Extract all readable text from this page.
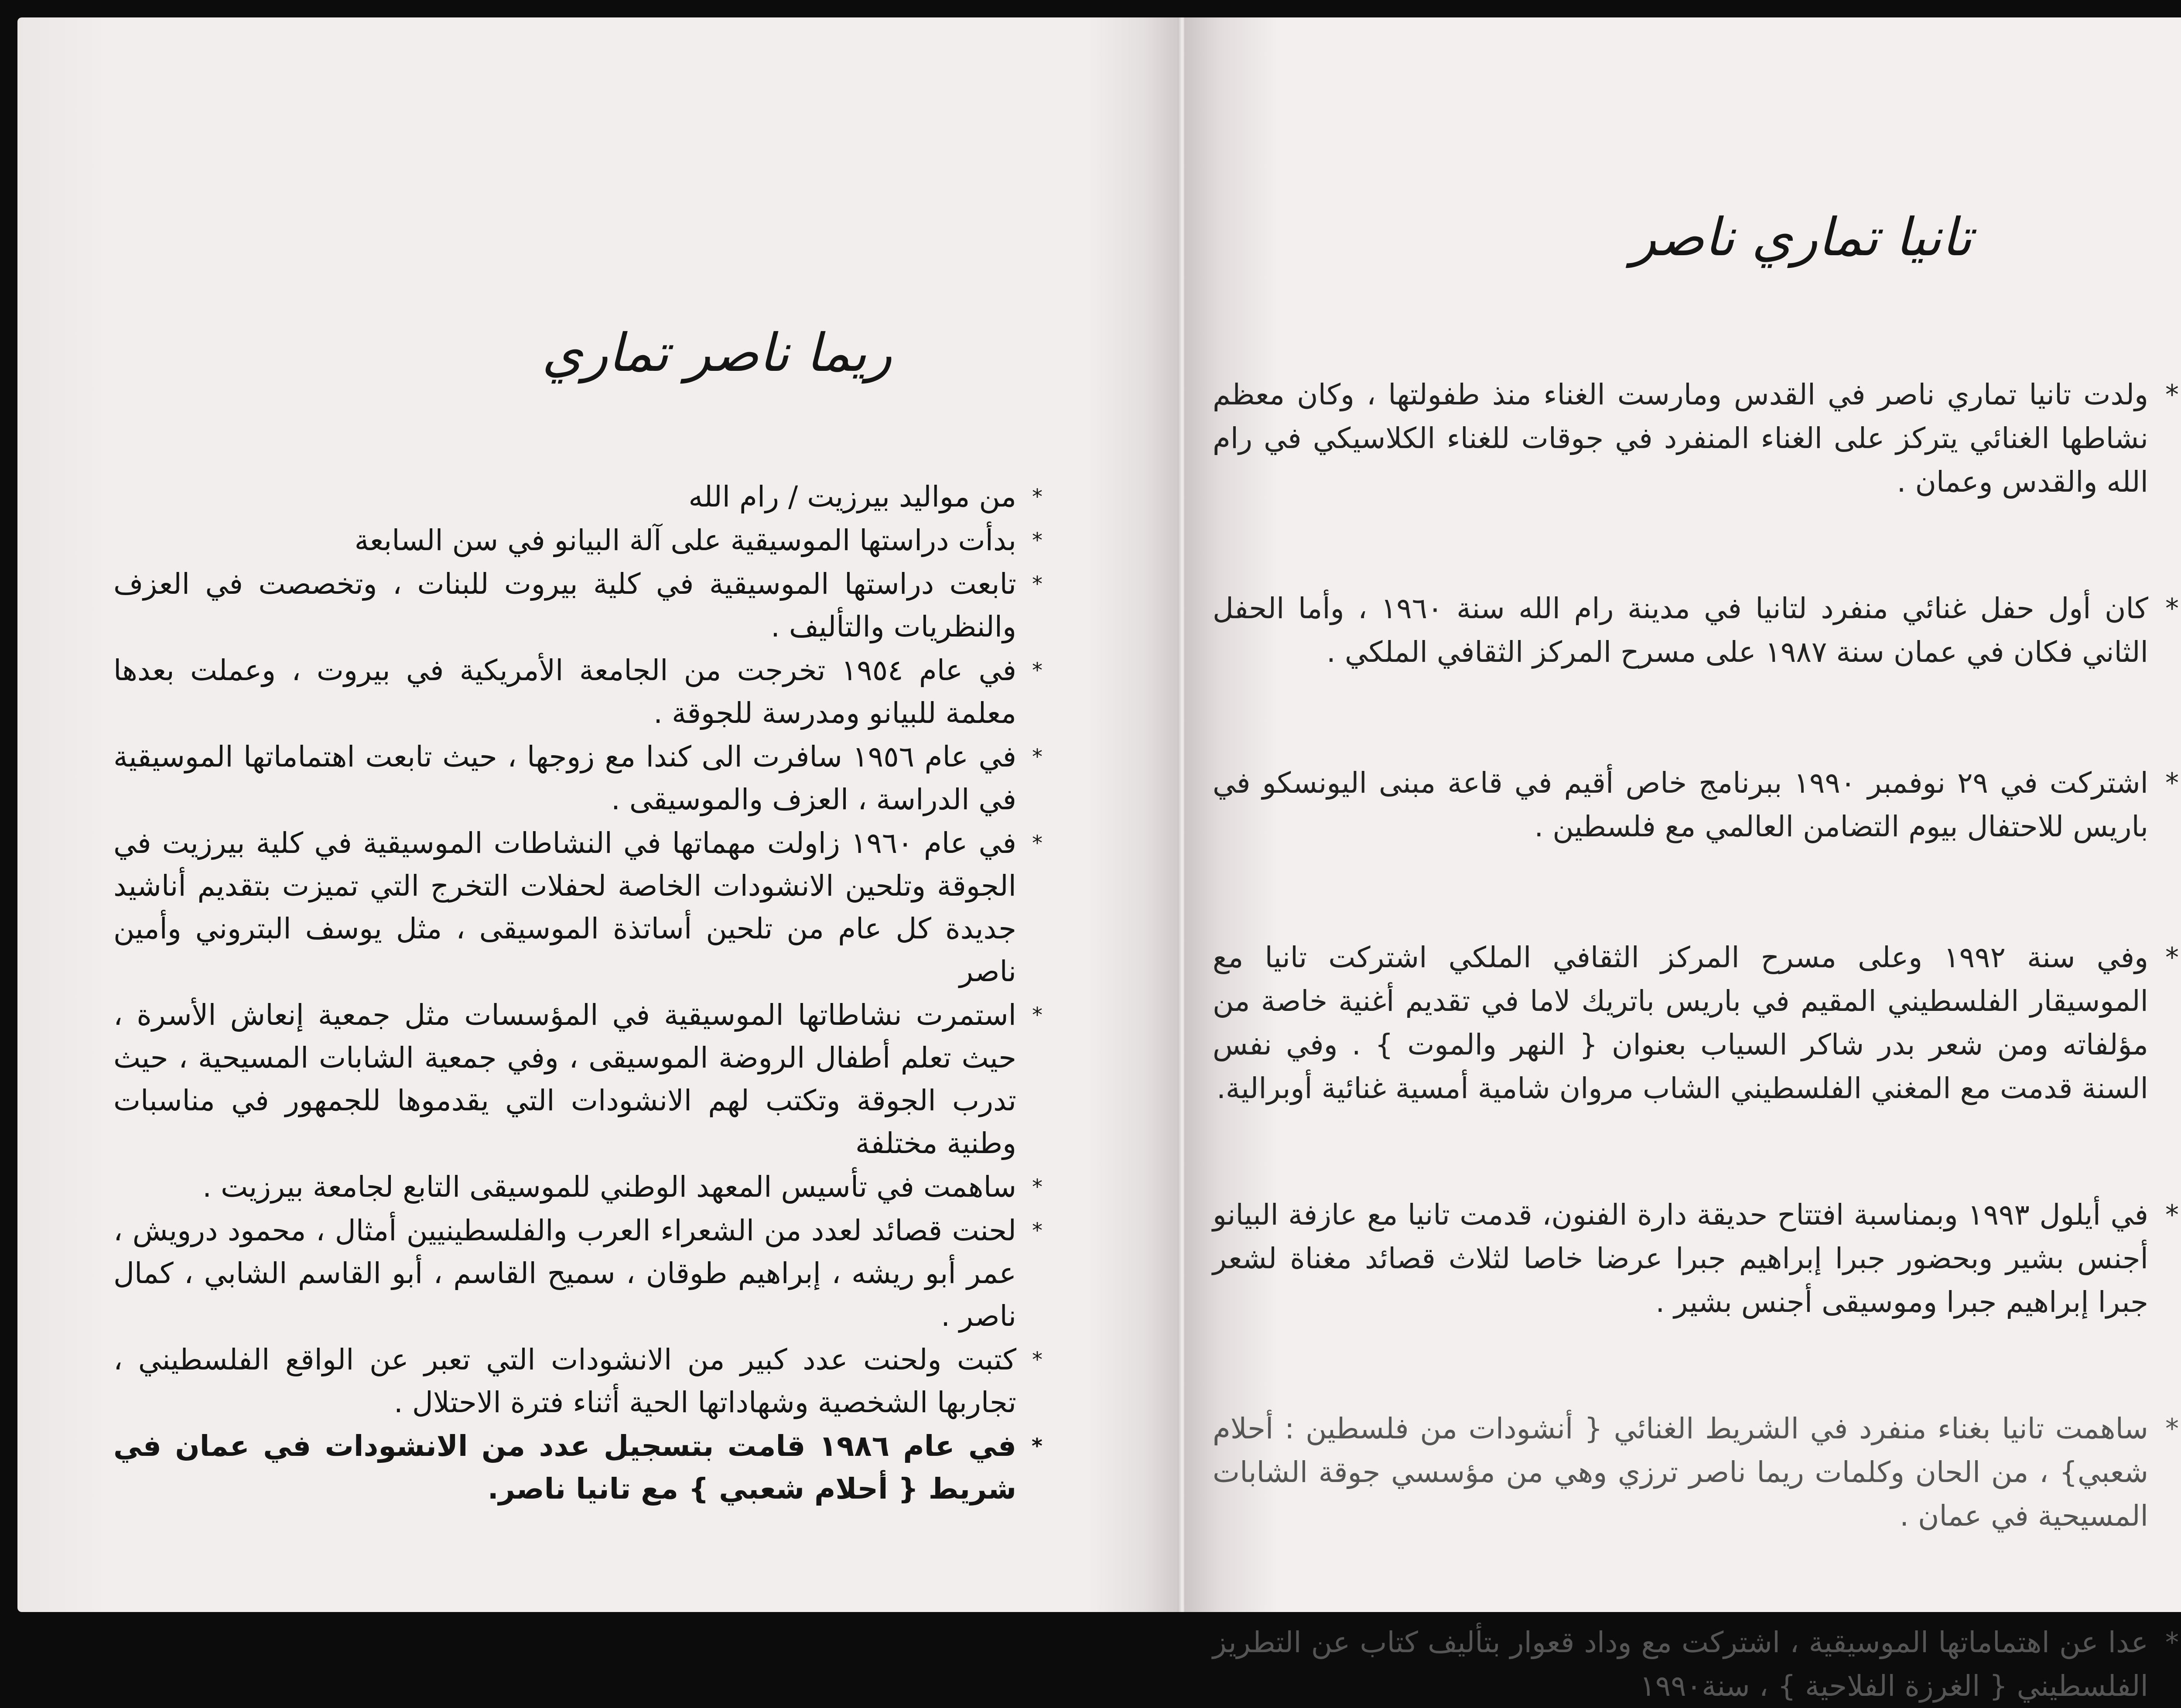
ريما ناصر تماري
*
من مواليد بيرزيت / رام الله
*
بدأت دراستها الموسيقية على آلة البيانو في سن السابعة
*
تابعت دراستها الموسيقية في كلية بيروت للبنات ، وتخصصت في العزف والنظريات والتأليف .
*
في عام ١٩٥٤ تخرجت من الجامعة الأمريكية في بيروت ، وعملت بعدها معلمة للبيانو ومدرسة للجوقة .
*
في عام ١٩٥٦ سافرت الى كندا مع زوجها ، حيث تابعت اهتماماتها الموسيقية في الدراسة ، العزف والموسيقى .
*
في عام ١٩٦٠ زاولت مهماتها في النشاطات الموسيقية في كلية بيرزيت في الجوقة وتلحين الانشودات الخاصة لحفلات التخرج التي تميزت بتقديم أناشيد جديدة كل عام من تلحين أساتذة الموسيقى ، مثل يوسف البتروني وأمين ناصر
*
استمرت نشاطاتها الموسيقية في المؤسسات مثل جمعية إنعاش الأسرة ، حيث تعلم أطفال الروضة الموسيقى ، وفي جمعية الشابات المسيحية ، حيث تدرب الجوقة وتكتب لهم الانشودات التي يقدموها للجمهور في مناسبات وطنية مختلفة
*
ساهمت في تأسيس المعهد الوطني للموسيقى التابع لجامعة بيرزيت .
*
لحنت قصائد لعدد من الشعراء العرب والفلسطينيين أمثال ، محمود درويش ، عمر أبو ريشه ، إبراهيم طوقان ، سميح القاسم ، أبو القاسم الشابي ، كمال ناصر .
*
كتبت ولحنت عدد كبير من الانشودات التي تعبر عن الواقع الفلسطيني ، تجاربها الشخصية وشهاداتها الحية أثناء فترة الاحتلال .
*
في عام ١٩٨٦ قامت بتسجيل عدد من الانشودات في عمان في شريط { أحلام شعبي } مع تانيا ناصر.
تانيا تماري ناصر
*
ولدت تانيا تماري ناصر في القدس ومارست الغناء منذ طفولتها ، وكان معظم نشاطها الغنائي يتركز على الغناء المنفرد في جوقات للغناء الكلاسيكي في رام الله والقدس وعمان .
*
كان أول حفل غنائي منفرد لتانيا في مدينة رام الله سنة ١٩٦٠ ، وأما الحفل الثاني فكان في عمان سنة ١٩٨٧ على مسرح المركز الثقافي الملكي .
*
اشتركت في ٢٩ نوفمبر ١٩٩٠ ببرنامج خاص أقيم في قاعة مبنى اليونسكو في باريس للاحتفال بيوم التضامن العالمي مع فلسطين .
*
وفي سنة ١٩٩٢ وعلى مسرح المركز الثقافي الملكي اشتركت تانيا مع الموسيقار الفلسطيني المقيم في باريس باتريك لاما في تقديم أغنية خاصة من مؤلفاته ومن شعر بدر شاكر السياب بعنوان { النهر والموت } . وفي نفس السنة قدمت مع المغني الفلسطيني الشاب مروان شامية أمسية غنائية أوبرالية.
*
في أيلول ١٩٩٣ وبمناسبة افتتاح حديقة دارة الفنون، قدمت تانيا مع عازفة البيانو أجنس بشير وبحضور جبرا إبراهيم جبرا عرضا خاصا لثلاث قصائد مغناة لشعر جبرا إبراهيم جبرا وموسيقى أجنس بشير .
*
ساهمت تانيا بغناء منفرد في الشريط الغنائي { أنشودات من فلسطين : أحلام شعبي} ، من الحان وكلمات ريما ناصر ترزي وهي من مؤسسي جوقة الشابات المسيحية في عمان .
*
عدا عن اهتماماتها الموسيقية ، اشتركت مع وداد قعوار بتأليف كتاب عن التطريز الفلسطيني { الغرزة الفلاحية } ، سنة١٩٩٠
